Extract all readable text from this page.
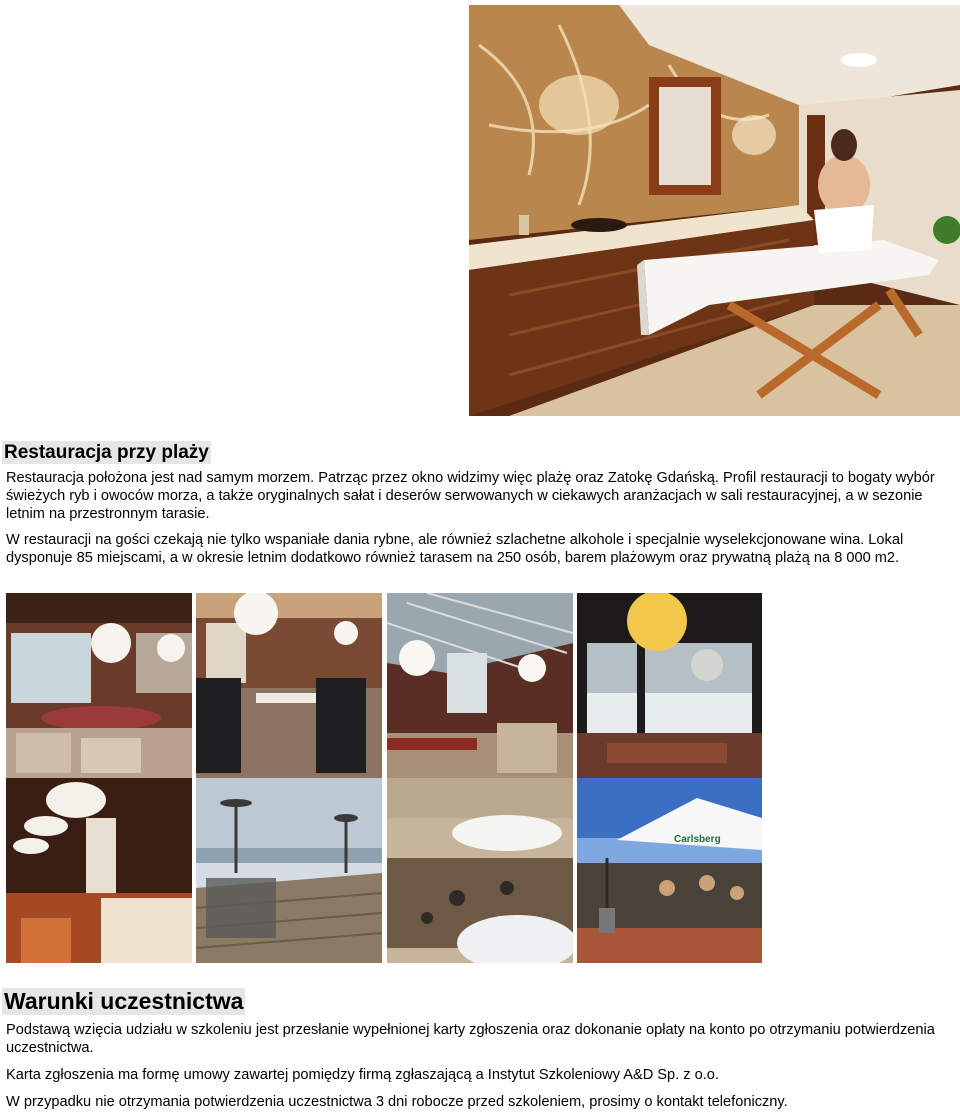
Restauracja przy plaży

Restauracja położona jest nad samym morzem. Patrząc przez okno widzimy więc plażę oraz Zatokę Gdańską. Profil restauracji to bogaty wybór świeżych ryb i owoców morza, a także oryginalnych sałat i deserów serwowanych w ciekawych aranżacjach w sali restauracyjnej, a w sezonie letnim na przestronnym tarasie.

W restauracji na gości czekają nie tylko wspaniałe dania rybne, ale również szlachetne alkohole i specjalnie wyselekcjonowane wina. Lokal dysponuje 85 miejscami, a w okresie letnim dodatkowo również tarasem na 250 osób, barem plażowym oraz prywatną plażą na 8 000 m2.

Carlsberg
Warunki uczestnictwa

Podstawą wzięcia udziału w szkoleniu jest przesłanie wypełnionej karty zgłoszenia oraz dokonanie opłaty na konto po otrzymaniu potwierdzenia uczestnictwa.

Karta zgłoszenia ma formę umowy zawartej pomiędzy firmą zgłaszającą a Instytut Szkoleniowy A&D Sp. z o.o.

W przypadku nie otrzymania potwierdzenia uczestnictwa 3 dni robocze przed szkoleniem, prosimy o kontakt telefoniczny.
